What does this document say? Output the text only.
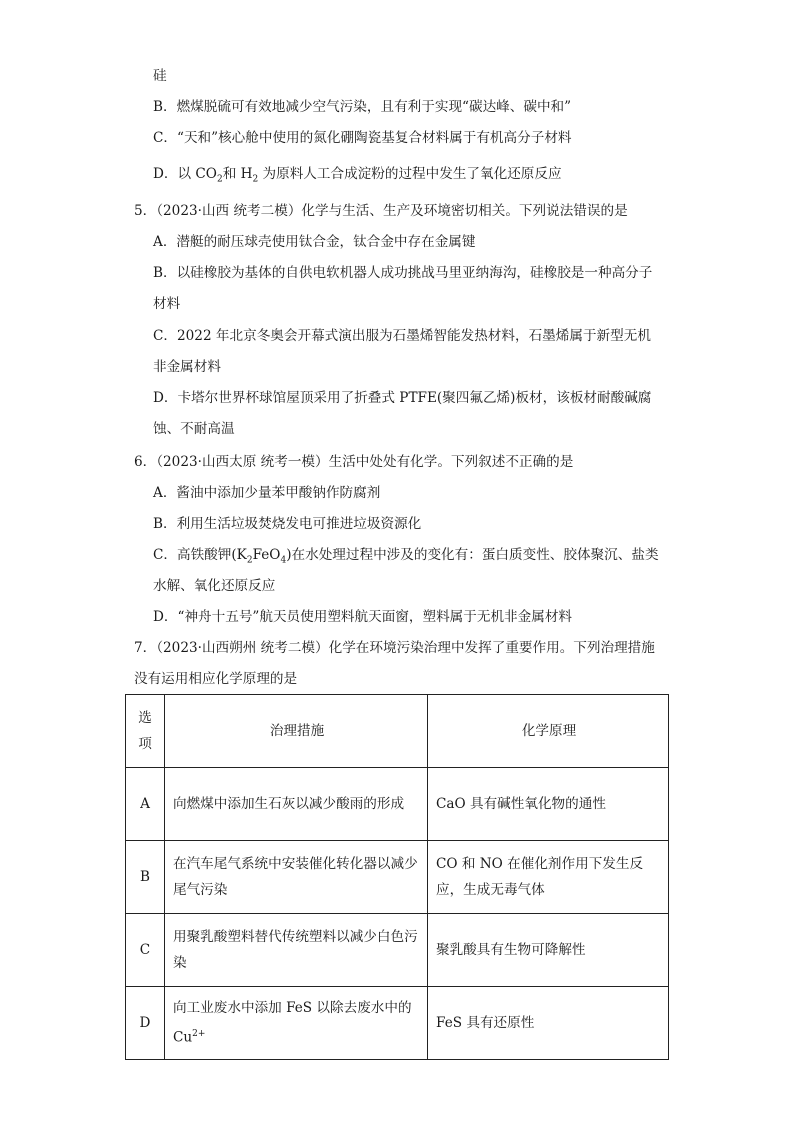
硅
B．燃煤脱硫可有效地减少空气污染，且有利于实现“碳达峰、碳中和”
C．“天和”核心舱中使用的氮化硼陶瓷基复合材料属于有机高分子材料
D．以 $CO_2$和 $H_2$ 为原料人工合成淀粉的过程中发生了氧化还原反应
5．（2023·山西 统考二模）化学与生活、生产及环境密切相关。下列说法错误的是
A．潜艇的耐压球壳使用钛合金，钛合金中存在金属键
B．以硅橡胶为基体的自供电软机器人成功挑战马里亚纳海沟，硅橡胶是一种高分子
材料
C．2022 年北京冬奥会开幕式演出服为石墨烯智能发热材料，石墨烯属于新型无机
非金属材料
D．卡塔尔世界杯球馆屋顶采用了折叠式 PTFE(聚四氟乙烯)板材，该板材耐酸碱腐
蚀、不耐高温
6．（2023·山西太原 统考一模）生活中处处有化学。下列叙述不正确的是
A．酱油中添加少量苯甲酸钠作防腐剂
B．利用生活垃圾焚烧发电可推进垃圾资源化
C．高铁酸钾$(K_2FeO_4)$在水处理过程中涉及的变化有：蛋白质变性、胶体聚沉、盐类
水解、氧化还原反应
D．“神舟十五号”航天员使用塑料航天面窗，塑料属于无机非金属材料
7．（2023·山西朔州 统考二模）化学在环境污染治理中发挥了重要作用。下列治理措施
没有运用相应化学原理的是
选
项	治理措施	化学原理
A	向燃煤中添加生石灰以减少酸雨的形成	CaO 具有碱性氧化物的通性
B	在汽车尾气系统中安装催化转化器以减少尾气污染	CO 和 NO 在催化剂作用下发生反应，生成无毒气体
C	用聚乳酸塑料替代传统塑料以减少白色污染	聚乳酸具有生物可降解性
D	向工业废水中添加 FeS 以除去废水中的 $Cu^{2+}$	FeS 具有还原性
